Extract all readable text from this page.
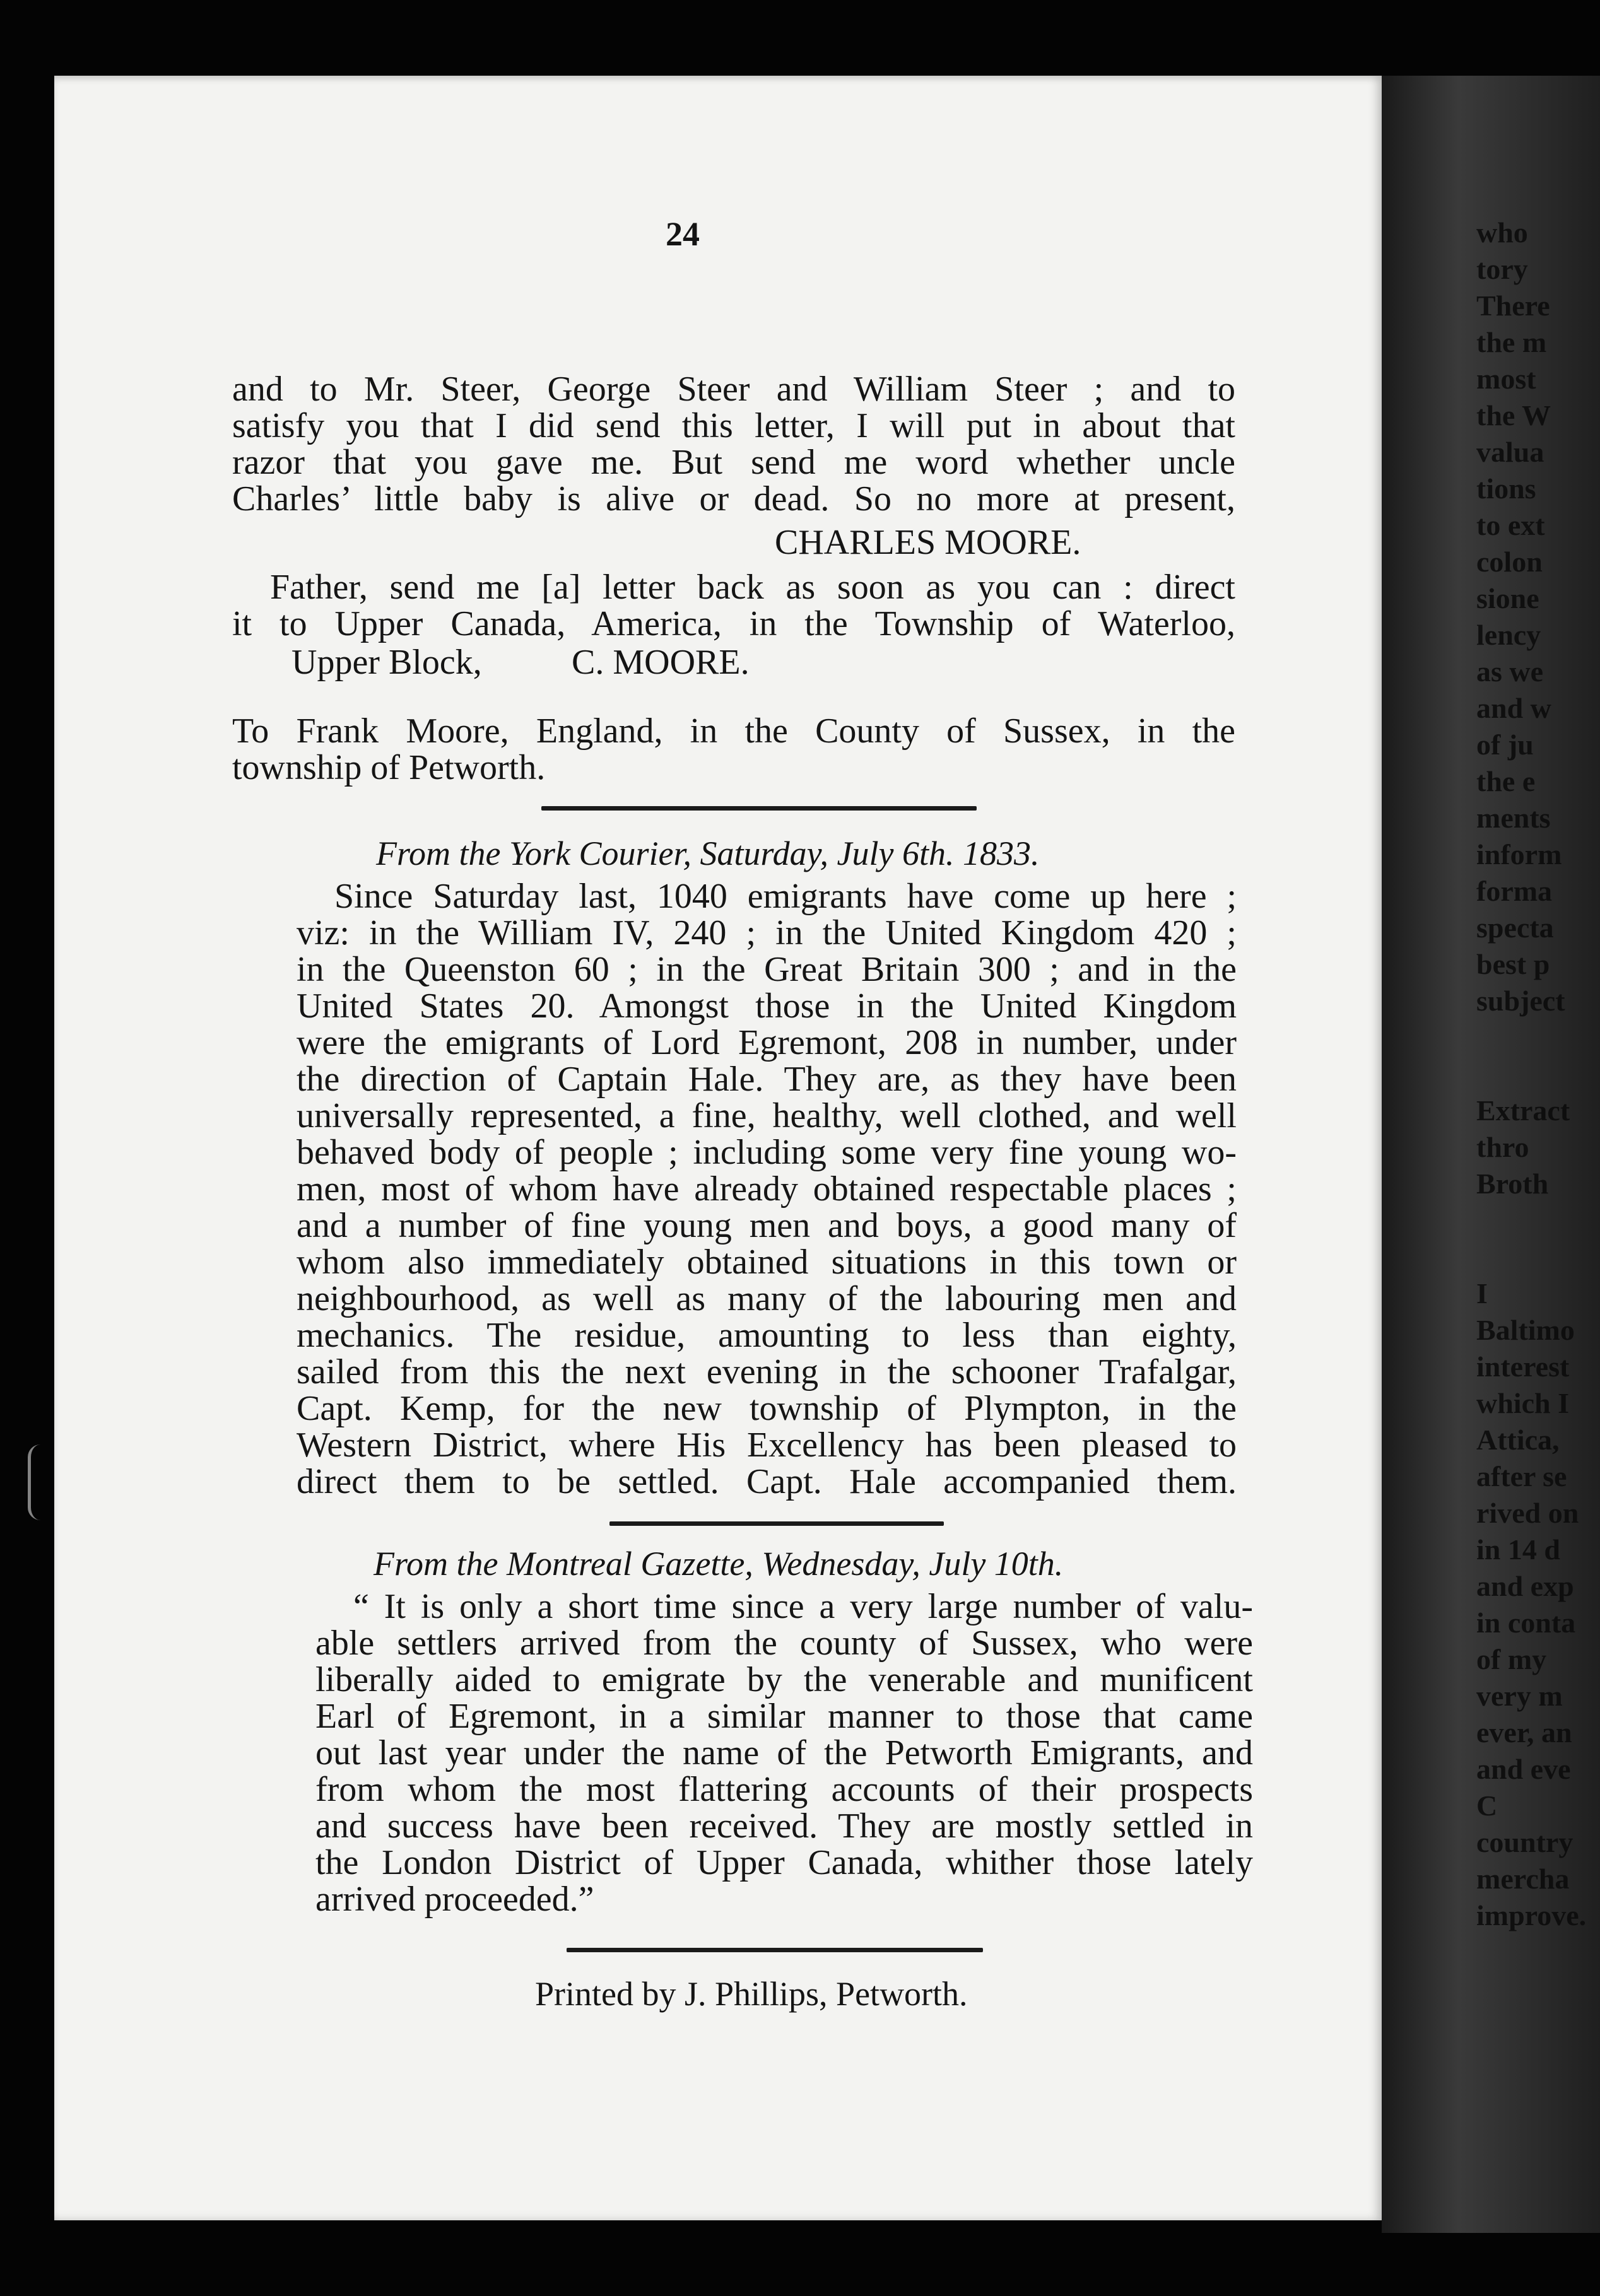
who
tory
There
the m
most
the W
valua
tions
to ext
colon
sione
lency
as we
and w
of ju
the e
ments
inform
forma
specta
best p
subject

Extract
thro
Broth

I
Baltimo
interest
which I
Attica,
after se
rived on
in 14 d
and exp
in conta
of my
very m
ever, an
and eve
C
country
mercha
improve.
24
and to Mr. Steer, George Steer and William Steer ; and to
satisfy you that I did send this letter, I will put in about that
razor that you gave me. But send me word whether uncle
Charles’ little baby is alive or dead. So no more at present,
CHARLES MOORE.
Father, send me [a] letter back as soon as you can : direct
it to Upper Canada, America, in the Township of Waterloo,
Upper Block,	C. MOORE.
To Frank Moore, England, in the County of Sussex, in the
township of Petworth.
From the York Courier, Saturday, July 6th. 1833.
Since Saturday last, 1040 emigrants have come up here ;
viz: in the William IV, 240 ; in the United Kingdom 420 ;
in the Queenston 60 ; in the Great Britain 300 ; and in the
United States 20. Amongst those in the United Kingdom
were the emigrants of Lord Egremont, 208 in number, under
the direction of Captain Hale. They are, as they have been
universally represented, a fine, healthy, well clothed, and well
behaved body of people ; including some very fine young wo-
men, most of whom have already obtained respectable places ;
and a number of fine young men and boys, a good many of
whom also immediately obtained situations in this town or
neighbourhood, as well as many of the labouring men and
mechanics. The residue, amounting to less than eighty,
sailed from this the next evening in the schooner Trafalgar,
Capt. Kemp, for the new township of Plympton, in the
Western District, where His Excellency has been pleased to
direct them to be settled. Capt. Hale accompanied them.
From the Montreal Gazette, Wednesday, July 10th.
“ It is only a short time since a very large number of valu-
able settlers arrived from the county of Sussex, who were
liberally aided to emigrate by the venerable and munificent
Earl of Egremont, in a similar manner to those that came
out last year under the name of the Petworth Emigrants, and
from whom the most flattering accounts of their prospects
and success have been received. They are mostly settled in
the London District of Upper Canada, whither those lately
arrived proceeded.”
Printed by J. Phillips, Petworth.
